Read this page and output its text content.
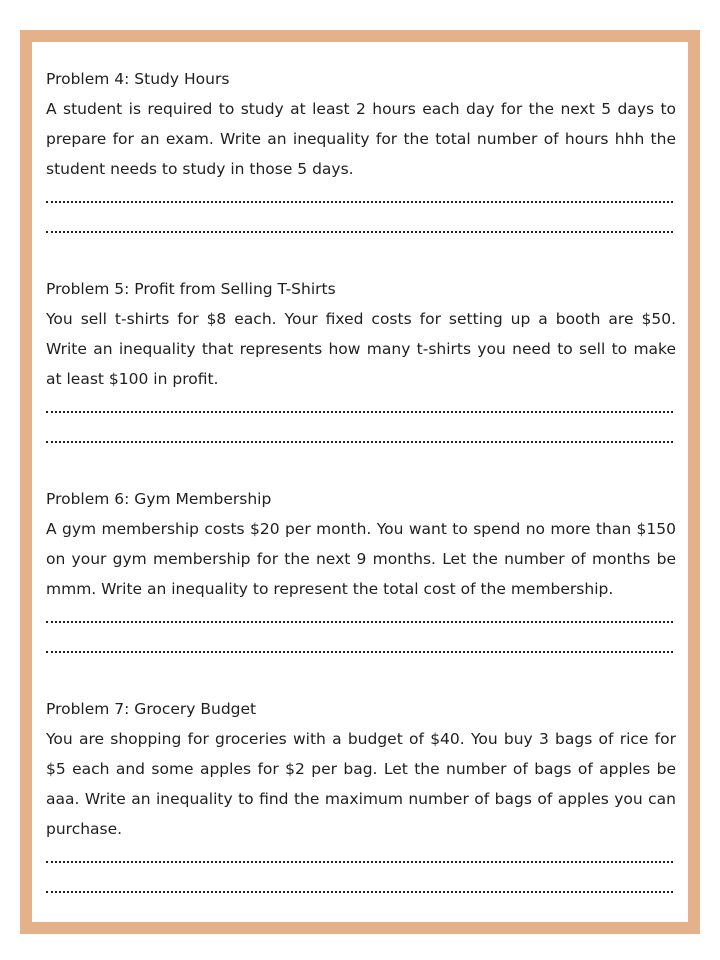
Problem 4: Study Hours

A student is required to study at least 2 hours each day for the next 5 days to prepare for an exam. Write an inequality for the total number of hours hhh the student needs to study in those 5 days.

Problem 5: Profit from Selling T-Shirts

You sell t-shirts for $8 each. Your fixed costs for setting up a booth are $50. Write an inequality that represents how many t-shirts you need to sell to make at least $100 in profit.

Problem 6: Gym Membership

A gym membership costs $20 per month. You want to spend no more than $150 on your gym membership for the next 9 months. Let the number of months be mmm. Write an inequality to represent the total cost of the membership.

Problem 7: Grocery Budget

You are shopping for groceries with a budget of $40. You buy 3 bags of rice for $5 each and some apples for $2 per bag. Let the number of bags of apples be aaa. Write an inequality to find the maximum number of bags of apples you can purchase.
